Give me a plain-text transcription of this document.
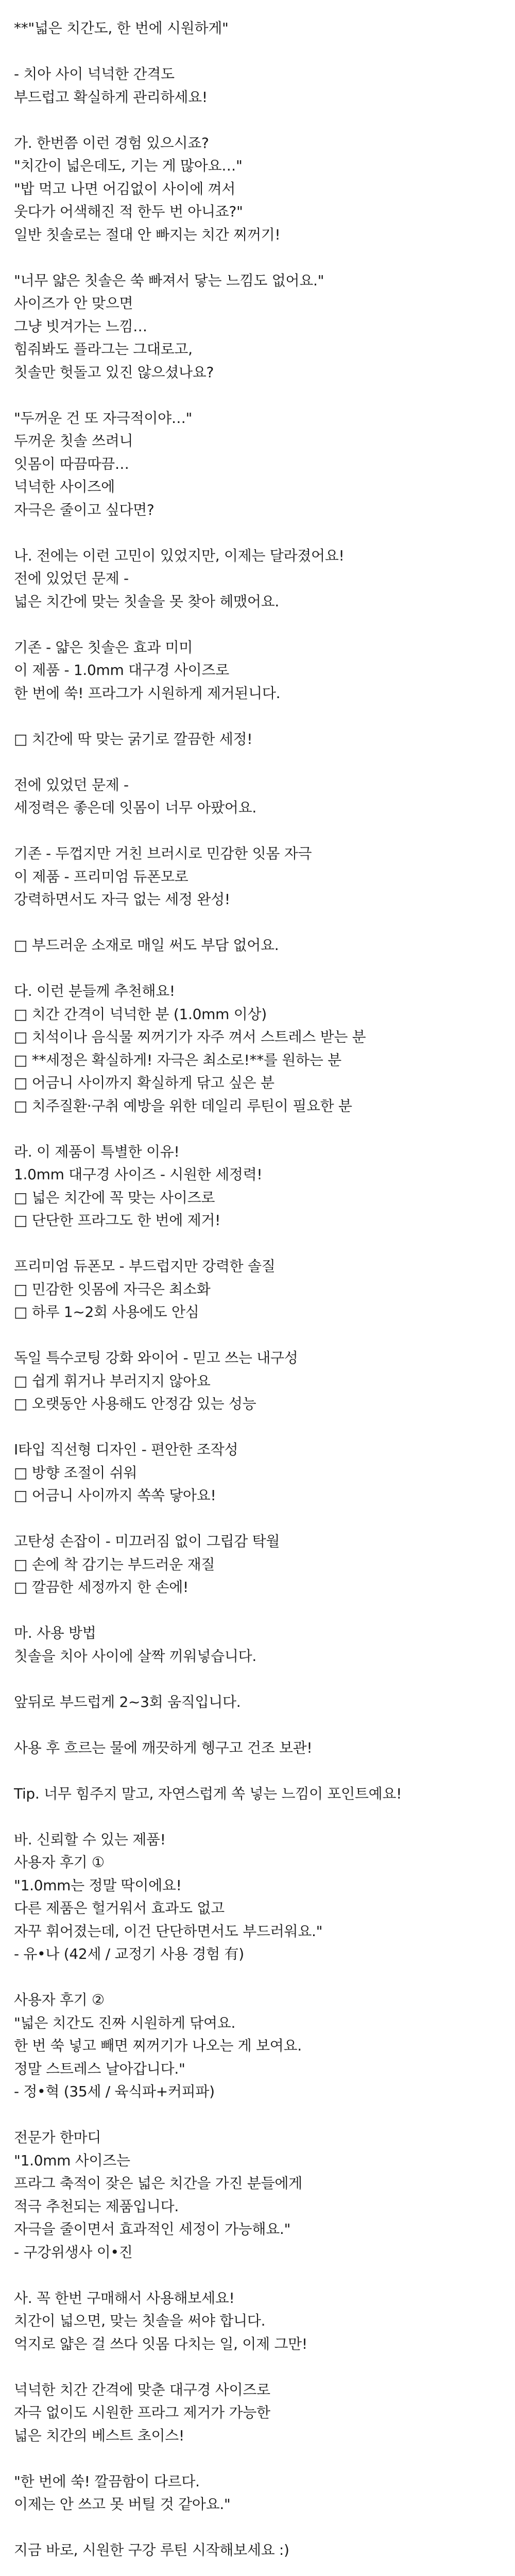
**"넓은 치간도, 한 번에 시원하게"
- 치아 사이 넉넉한 간격도
부드럽고 확실하게 관리하세요!
가. 한번쯤 이런 경험 있으시죠?
"치간이 넓은데도, 기는 게 많아요…"
"밥 먹고 나면 어김없이 사이에 껴서
웃다가 어색해진 적 한두 번 아니죠?"
일반 칫솔로는 절대 안 빠지는 치간 찌꺼기!
"너무 얇은 칫솔은 쑥 빠져서 닿는 느낌도 없어요."
사이즈가 안 맞으면
그냥 빗겨가는 느낌…
힘줘봐도 플라그는 그대로고,
칫솔만 헛돌고 있진 않으셨나요?
"두꺼운 건 또 자극적이야…"
두꺼운 칫솔 쓰려니
잇몸이 따끔따끔…
넉넉한 사이즈에
자극은 줄이고 싶다면?
나. 전에는 이런 고민이 있었지만, 이제는 달라졌어요!
전에 있었던 문제 -
넓은 치간에 맞는 칫솔을 못 찾아 헤맸어요.
기존 - 얇은 칫솔은 효과 미미
이 제품 - 1.0mm 대구경 사이즈로
한 번에 쑥! 프라그가 시원하게 제거된니다.
□ 치간에 딱 맞는 굵기로 깔끔한 세정!
전에 있었던 문제 -
세정력은 좋은데 잇몸이 너무 아팠어요.
기존 - 두껍지만 거친 브러시로 민감한 잇몸 자극
이 제품 - 프리미엄 듀폰모로
강력하면서도 자극 없는 세정 완성!
□ 부드러운 소재로 매일 써도 부담 없어요.
다. 이런 분들께 추천해요!
□ 치간 간격이 넉넉한 분 (1.0mm 이상)
□ 치석이나 음식물 찌꺼기가 자주 껴서 스트레스 받는 분
□ **세정은 확실하게! 자극은 최소로!**를 원하는 분
□ 어금니 사이까지 확실하게 닦고 싶은 분
□ 치주질환·구취 예방을 위한 데일리 루틴이 필요한 분
라. 이 제품이 특별한 이유!
1.0mm 대구경 사이즈 - 시원한 세정력!
□ 넓은 치간에 꼭 맞는 사이즈로
□ 단단한 프라그도 한 번에 제거!
프리미엄 듀폰모 - 부드럽지만 강력한 솔질
□ 민감한 잇몸에 자극은 최소화
□ 하루 1~2회 사용에도 안심
독일 특수코팅 강화 와이어 - 믿고 쓰는 내구성
□ 쉽게 휘거나 부러지지 않아요
□ 오랫동안 사용해도 안정감 있는 성능
I타입 직선형 디자인 - 편안한 조작성
□ 방향 조절이 쉬워
□ 어금니 사이까지 쏙쏙 닿아요!
고탄성 손잡이 - 미끄러짐 없이 그립감 탁월
□ 손에 착 감기는 부드러운 재질
□ 깔끔한 세정까지 한 손에!
마. 사용 방법
칫솔을 치아 사이에 살짝 끼워넣습니다.
앞뒤로 부드럽게 2~3회 움직입니다.
사용 후 흐르는 물에 깨끗하게 헹구고 건조 보관!
Tip. 너무 힘주지 말고, 자연스럽게 쏙 넣는 느낌이 포인트예요!
바. 신뢰할 수 있는 제품!
사용자 후기 ①
"1.0mm는 정말 딱이에요!
다른 제품은 헐거워서 효과도 없고
자꾸 휘어졌는데, 이건 단단하면서도 부드러워요."
- 유•나 (42세 / 교정기 사용 경험 有)
사용자 후기 ②
"넓은 치간도 진짜 시원하게 닦여요.
한 번 쑥 넣고 빼면 찌꺼기가 나오는 게 보여요.
정말 스트레스 날아갑니다."
- 정•혁 (35세 / 육식파+커피파)
전문가 한마디
"1.0mm 사이즈는
프라그 축적이 잦은 넓은 치간을 가진 분들에게
적극 추천되는 제품입니다.
자극을 줄이면서 효과적인 세정이 가능해요."
- 구강위생사 이•진
사. 꼭 한번 구매해서 사용해보세요!
치간이 넓으면, 맞는 칫솔을 써야 합니다.
억지로 얇은 걸 쓰다 잇몸 다치는 일, 이제 그만!
넉넉한 치간 간격에 맞춘 대구경 사이즈로
자극 없이도 시원한 프라그 제거가 가능한
넓은 치간의 베스트 초이스!
"한 번에 쑥! 깔끔함이 다르다.
이제는 안 쓰고 못 버틸 것 같아요."
지금 바로, 시원한 구강 루틴 시작해보세요 :)
